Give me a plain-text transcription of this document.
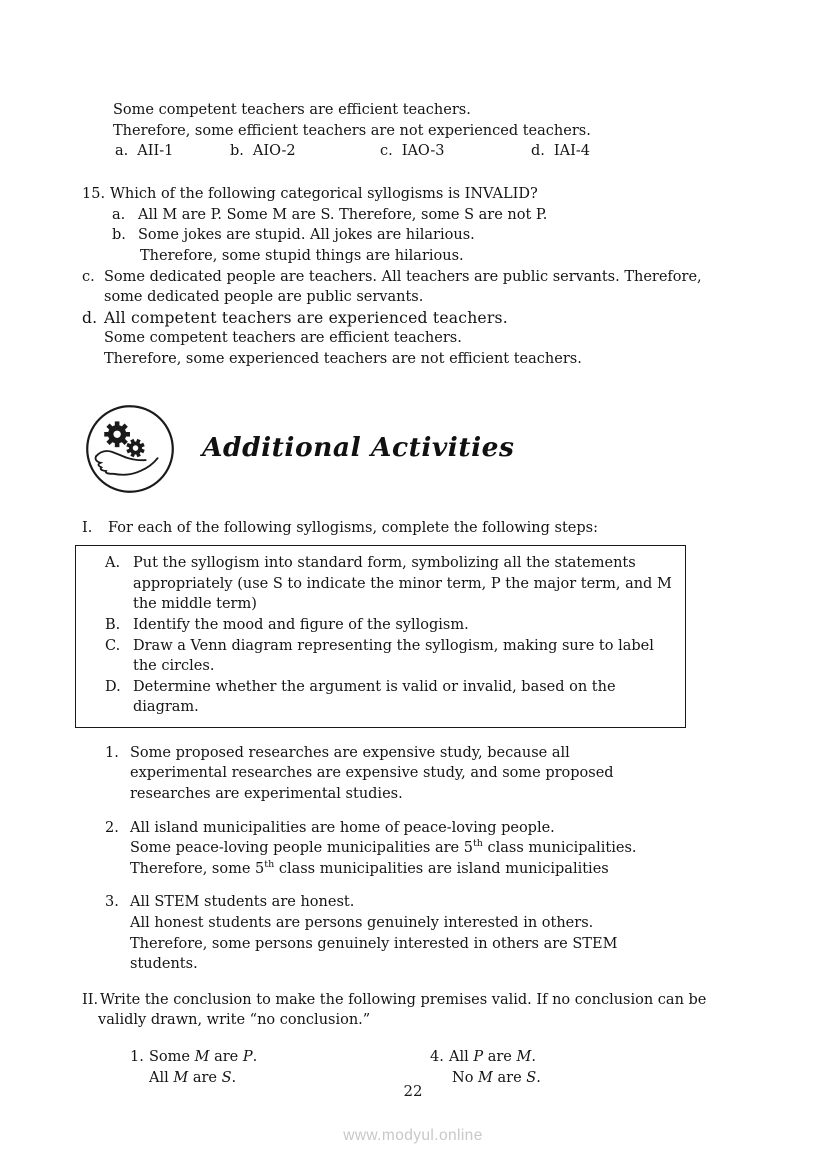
Some competent teachers are efficient teachers.
Therefore, some efficient teachers are not experienced teachers.
a. AII-1	b. AIO-2	c. IAO-3	d. IAI-4
15. Which of the following categorical syllogisms is INVALID?
a. All M are P. Some M are S. Therefore, some S are not P.
b. Some jokes are stupid. All jokes are hilarious.
Therefore, some stupid things are hilarious.
c. Some dedicated people are teachers. All teachers are public servants. Therefore,
some dedicated people are public servants.
d. All competent teachers are experienced teachers.
Some competent teachers are efficient teachers.
Therefore, some experienced teachers are not efficient teachers.
Additional Activities
I.	For each of the following syllogisms, complete the following steps:
A. Put the syllogism into standard form, symbolizing all the statements
appropriately (use S to indicate the minor term, P the major term, and M
the middle term)
B. Identify the mood and figure of the syllogism.
C. Draw a Venn diagram representing the syllogism, making sure to label
the circles.
D. Determine whether the argument is valid or invalid, based on the
diagram.
1. Some proposed researches are expensive study, because all
experimental researches are expensive study, and some proposed
researches are experimental studies.
2. All island municipalities are home of peace-loving people.
Some peace-loving people municipalities are 5th class municipalities.
Therefore, some 5th class municipalities are island municipalities
3. All STEM students are honest.
All honest students are persons genuinely interested in others.
Therefore, some persons genuinely interested in others are STEM
students.
II. Write the conclusion to make the following premises valid. If no conclusion can be
validly drawn, write “no conclusion.”
1. Some M are P.
All M are S.
4. All P are M.
No M are S.
22
www.modyul.online
